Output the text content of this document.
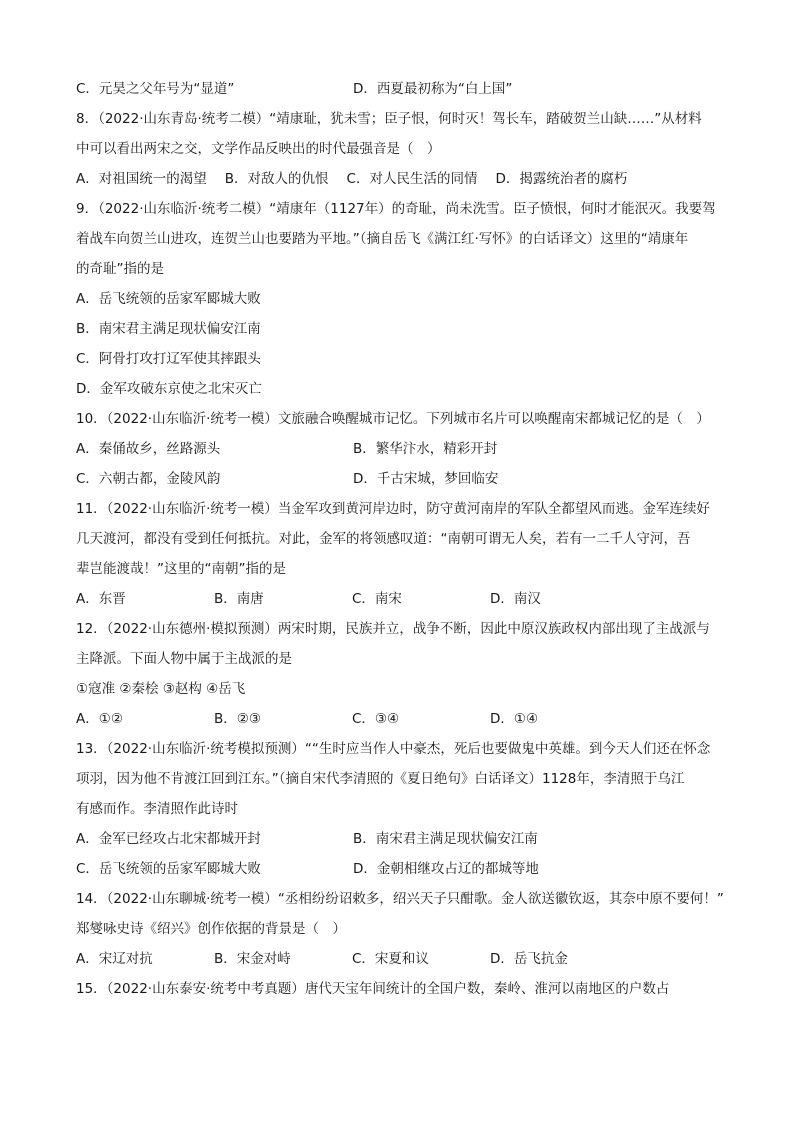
C．元昊之父年号为“显道”	D．西夏最初称为“白上国”
8．（2022·山东青岛·统考二模）“靖康耻，犹未雪；臣子恨，何时灭！驾长车，踏破贺兰山缺……”从材料
中可以看出两宋之交，文学作品反映出的时代最强音是（　）
A．对祖国统一的渴望 B．对敌人的仇恨 C．对人民生活的同情 D．揭露统治者的腐朽
9．（2022·山东临沂·统考二模）“靖康年（1127年）的奇耻，尚未洗雪。臣子愤恨，何时才能泯灭。我要驾
着战车向贺兰山进攻，连贺兰山也要踏为平地。”（摘自岳飞《满江红·写怀》的白话译文）这里的“靖康年
的奇耻”指的是
A．岳飞统领的岳家军郾城大败
B．南宋君主满足现状偏安江南
C．阿骨打攻打辽军使其摔跟头
D．金军攻破东京使之北宋灭亡
10．（2022·山东临沂·统考一模）文旅融合唤醒城市记忆。下列城市名片可以唤醒南宋都城记忆的是（　）
A．秦俑故乡，丝路源头	B．繁华汴水，精彩开封
C．六朝古都，金陵风韵	D．千古宋城，梦回临安
11．（2022·山东临沂·统考一模）当金军攻到黄河岸边时，防守黄河南岸的军队全都望风而逃。金军连续好
几天渡河，都没有受到任何抵抗。对此，金军的将领感叹道：“南朝可谓无人矣，若有一二千人守河，吾
辈岂能渡哉！”这里的“南朝”指的是
A．东晋	B．南唐	C．南宋	D．南汉
12．（2022·山东德州·模拟预测）两宋时期，民族并立，战争不断，因此中原汉族政权内部出现了主战派与
主降派。下面人物中属于主战派的是
①寇准 ②秦桧 ③赵构 ④岳飞
A．①②	B．②③	C．③④	D．①④
13．（2022·山东临沂·统考模拟预测）““生时应当作人中豪杰，死后也要做鬼中英雄。到今天人们还在怀念
项羽，因为他不肯渡江回到江东。”（摘自宋代李清照的《夏日绝句》白话译文）1128年，李清照于乌江
有感而作。李清照作此诗时
A．金军已经攻占北宋都城开封	B．南宋君主满足现状偏安江南
C．岳飞统领的岳家军郾城大败	D．金朝相继攻占辽的都城等地
14．（2022·山东聊城·统考一模）“丞相纷纷诏敕多，绍兴天子只酣歌。金人欲送徽钦返，其奈中原不要何！”
郑燮咏史诗《绍兴》创作依据的背景是（　）
A．宋辽对抗	B．宋金对峙	C．宋夏和议	D．岳飞抗金
15．（2022·山东泰安·统考中考真题）唐代天宝年间统计的全国户数，秦岭、淮河以南地区的户数占
